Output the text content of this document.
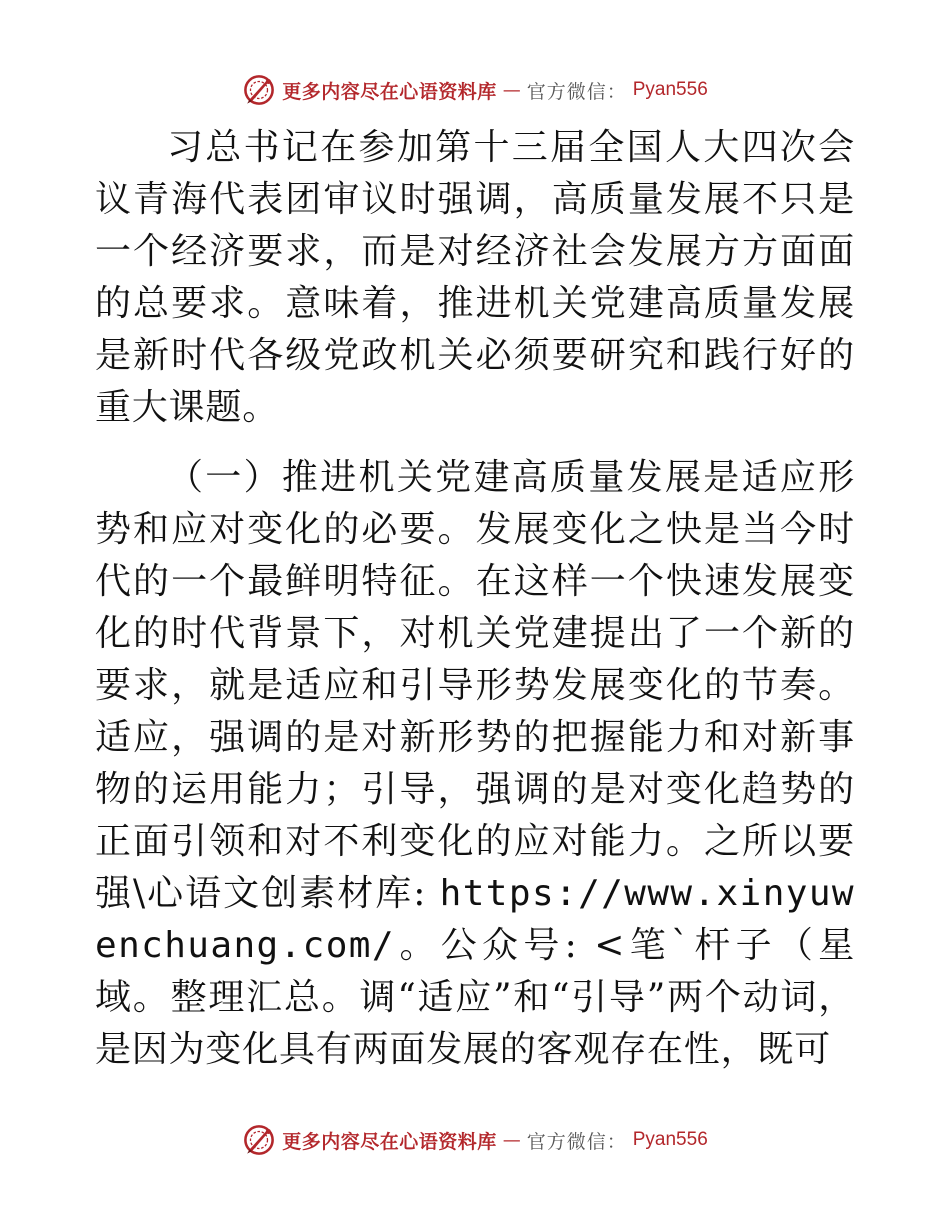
更多内容尽在心语资料库 — 官方微信： Pyan556

习总书记在参加第十三届全国人大四次会议青海代表团审议时强调，高质量发展不只是一个经济要求，而是对经济社会发展方方面面的总要求。意味着，推进机关党建高质量发展是新时代各级党政机关必须要研究和践行好的重大课题。

（一）推进机关党建高质量发展是适应形势和应对变化的必要。发展变化之快是当今时代的一个最鲜明特征。在这样一个快速发展变化的时代背景下，对机关党建提出了一个新的要求，就是适应和引导形势发展变化的节奏。适应，强调的是对新形势的把握能力和对新事物的运用能力；引导，强调的是对变化趋势的正面引领和对不利变化的应对能力。之所以要强\心语文创素材库: https://www.xinyuwenchuang.com/。公众号: <笔`杆子（星域。整理汇总。调“适应”和“引导”两个动词，是因为变化具有两面发展的客观存在性，既可

更多内容尽在心语资料库 — 官方微信： Pyan556
